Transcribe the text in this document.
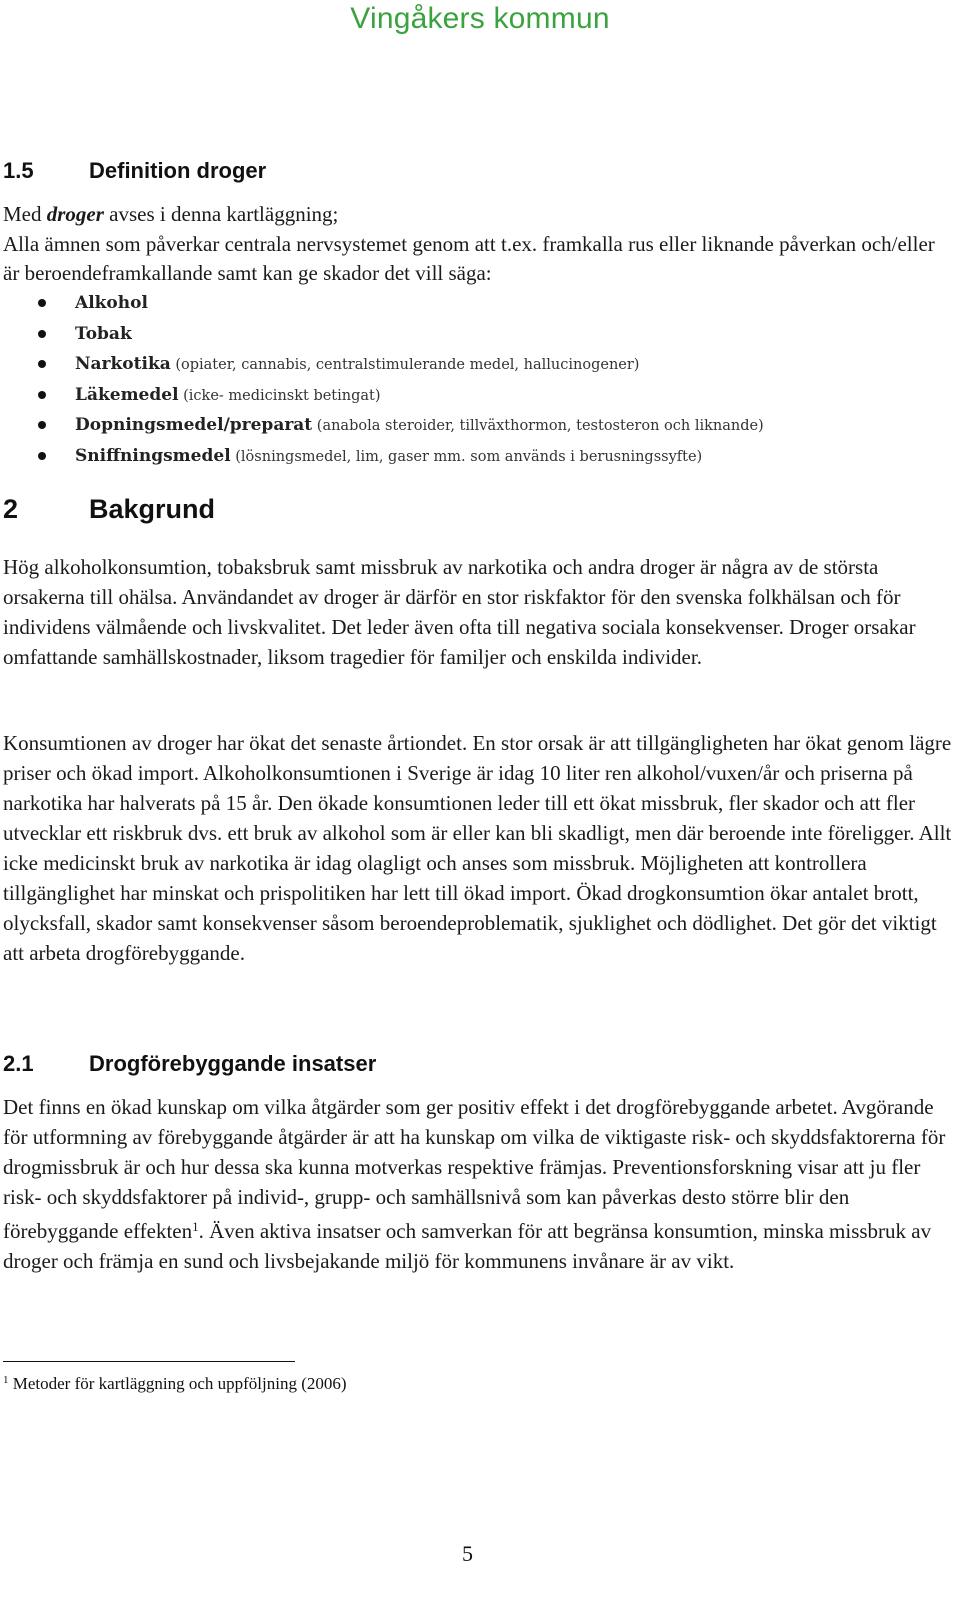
Vingåkers kommun
1.5	Definition droger
Med droger avses i denna kartläggning;
Alla ämnen som påverkar centrala nervsystemet genom att t.ex. framkalla rus eller liknande påverkan och/eller är beroendeframkallande samt kan ge skador det vill säga:
Alkohol
Tobak
Narkotika (opiater, cannabis, centralstimulerande medel, hallucinogener)
Läkemedel (icke- medicinskt betingat)
Dopningsmedel/preparat (anabola steroider, tillväxthormon, testosteron och liknande)
Sniffningsmedel (lösningsmedel, lim, gaser mm. som används i berusningssyfte)
2	Bakgrund

Hög alkoholkonsumtion, tobaksbruk samt missbruk av narkotika och andra droger är några av de största orsakerna till ohälsa. Användandet av droger är därför en stor riskfaktor för den svenska folkhälsan och för individens välmående och livskvalitet. Det leder även ofta till negativa sociala konsekvenser. Droger orsakar omfattande samhällskostnader, liksom tragedier för familjer och enskilda individer.

Konsumtionen av droger har ökat det senaste årtiondet. En stor orsak är att tillgängligheten har ökat genom lägre priser och ökad import. Alkoholkonsumtionen i Sverige är idag 10 liter ren alkohol/vuxen/år och priserna på narkotika har halverats på 15 år. Den ökade konsumtionen leder till ett ökat missbruk, fler skador och att fler utvecklar ett riskbruk dvs. ett bruk av alkohol som är eller kan bli skadligt, men där beroende inte föreligger. Allt icke medicinskt bruk av narkotika är idag olagligt och anses som missbruk. Möjligheten att kontrollera tillgänglighet har minskat och prispolitiken har lett till ökad import. Ökad drogkonsumtion ökar antalet brott, olycksfall, skador samt konsekvenser såsom beroendeproblematik, sjuklighet och dödlighet. Det gör det viktigt att arbeta drogförebyggande.

2.1	Drogförebyggande insatser

Det finns en ökad kunskap om vilka åtgärder som ger positiv effekt i det drogförebyggande arbetet. Avgörande för utformning av förebyggande åtgärder är att ha kunskap om vilka de viktigaste risk- och skyddsfaktorerna för drogmissbruk är och hur dessa ska kunna motverkas respektive främjas. Preventionsforskning visar att ju fler risk- och skyddsfaktorer på individ-, grupp- och samhällsnivå som kan påverkas desto större blir den förebyggande effekten$^1$. Även aktiva insatser och samverkan för att begränsa konsumtion, minska missbruk av droger och främja en sund och livsbejakande miljö för kommunens invånare är av vikt.

$^1$ Metoder för kartläggning och uppföljning (2006)
5
